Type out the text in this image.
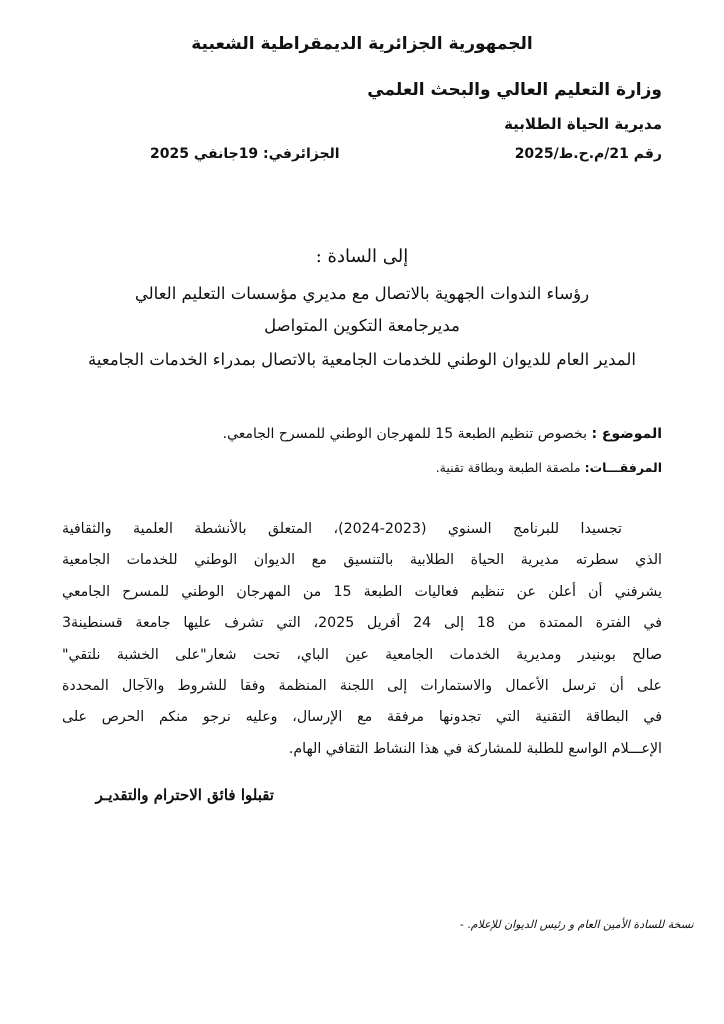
الجمهورية الجزائرية الديمقراطية الشعبية
وزارة التعليم العالي والبحث العلمي
مديرية الحياة الطلابية
رقم 21/م.ح.ط/2025
الجزائرفي: 19جانفي 2025
إلى السادة :
رؤساء الندوات الجهوية بالاتصال مع مديري مؤسسات التعليم العالي
مديرجامعة التكوين المتواصل
المدير العام للديوان الوطني للخدمات الجامعية بالاتصال بمدراء الخدمات الجامعية
الموضوع : بخصوص تنظيم الطبعة 15 للمهرجان الوطني للمسرح الجامعي.
المرفقـــات: ملصقة الطبعة وبطاقة تقنية.
تجسيدا للبرنامج السنوي (2023-2024)، المتعلق بالأنشطة العلمية والثقافية
الذي سطرته مديرية الحياة الطلابية بالتنسيق مع الديوان الوطني للخدمات الجامعية
يشرفني أن أعلن عن تنظيم فعاليات الطبعة 15 من المهرجان الوطني للمسرح الجامعي
في الفترة الممتدة من 18 إلى 24 أفريل 2025، التي تشرف عليها جامعة قسنطينة3
صالح بوبنيدر ومديرية الخدمات الجامعية عين الباي، تحت شعار"على الخشبة نلتقي"
على أن ترسل الأعمال والاستمارات إلى اللجنة المنظمة وفقا للشروط والآجال المحددة
في البطاقة التقنية التي تجدونها مرفقة مع الإرسال، وعليه نرجو منكم الحرص على
الإعـــلام الواسع للطلبة للمشاركة في هذا النشاط الثقافي الهام.
تقبلوا فائق الاحترام والتقديـر
نسخة للسادة الأمين العام و رئيس الديوان للإعلام. -
